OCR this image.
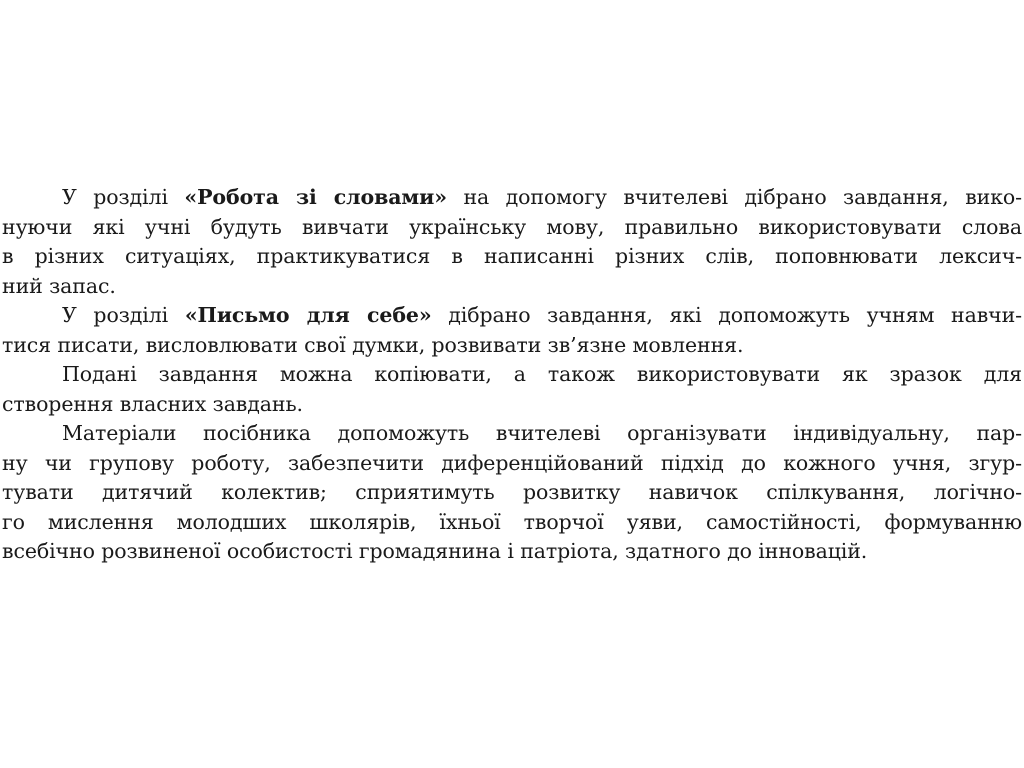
У розділі «Робота зі словами» на допомогу вчителеві дібрано завдання, вико-
нуючи які учні будуть вивчати українську мову, правильно використовувати слова
в різних ситуаціях, практикуватися в написанні різних слів, поповнювати лексич-
ний запас.
У розділі «Письмо для себе» дібрано завдання, які допоможуть учням навчи-
тися писати, висловлювати свої думки, розвивати зв’язне мовлення.
Подані завдання можна копіювати, а також використовувати як зразок для
створення власних завдань.
Матеріали посібника допоможуть вчителеві організувати індивідуальну, пар-
ну чи групову роботу, забезпечити диференційований підхід до кожного учня, згур-
тувати дитячий колектив; сприятимуть розвитку навичок спілкування, логічно-
го мислення молодших школярів, їхньої творчої уяви, самостійності, формуванню
всебічно розвиненої особистості громадянина і патріота, здатного до інновацій.
